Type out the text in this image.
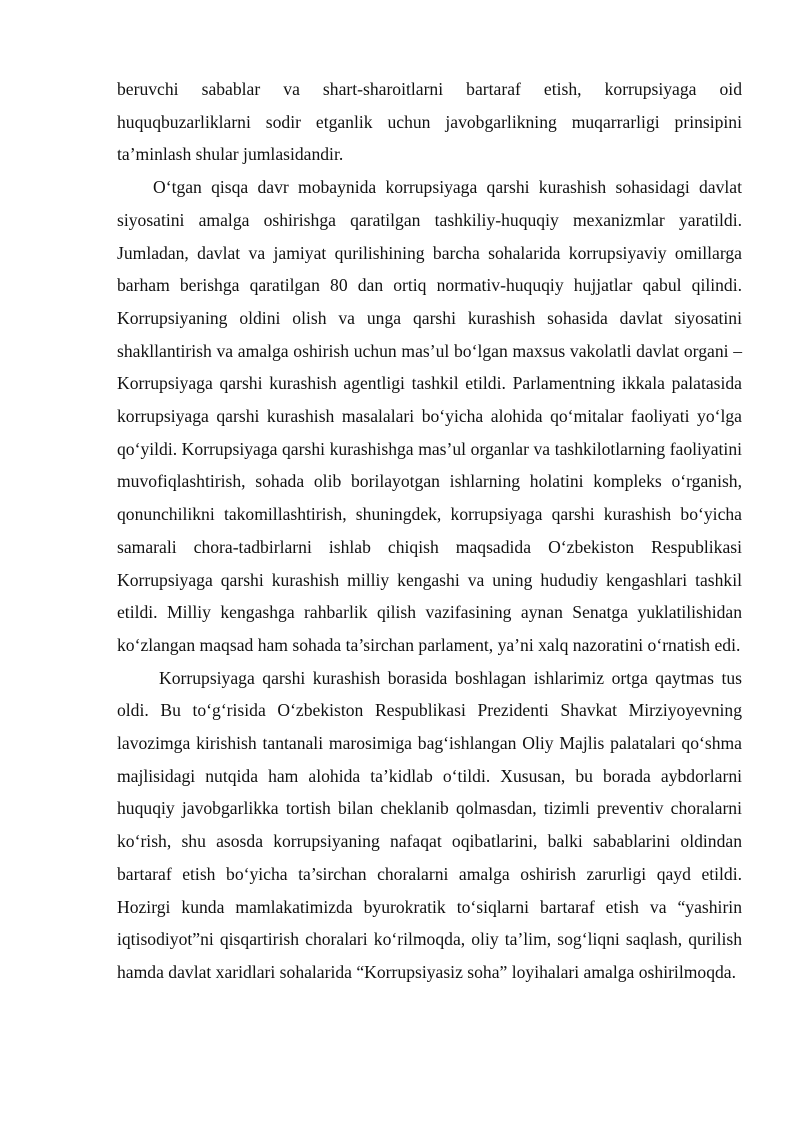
beruvchi sabablar va shart-sharoitlarni bartaraf etish, korrupsiyaga oid huquqbuzarliklarni sodir etganlik uchun javobgarlikning muqarrarligi prinsipini ta’minlash shular jumlasidandir.

O‘tgan qisqa davr mobaynida korrupsiyaga qarshi kurashish sohasidagi davlat siyosatini amalga oshirishga qaratilgan tashkiliy-huquqiy mexanizmlar yaratildi. Jumladan, davlat va jamiyat qurilishining barcha sohalarida korrupsiyaviy omillarga barham berishga qaratilgan 80 dan ortiq normativ-huquqiy hujjatlar qabul qilindi. Korrupsiyaning oldini olish va unga qarshi kurashish sohasida davlat siyosatini shakllantirish va amalga oshirish uchun mas’ul bo‘lgan maxsus vakolatli davlat organi – Korrupsiyaga qarshi kurashish agentligi tashkil etildi. Parlamentning ikkala palatasida korrupsiyaga qarshi kurashish masalalari bo‘yicha alohida qo‘mitalar faoliyati yo‘lga qo‘yildi. Korrupsiyaga qarshi kurashishga mas’ul organlar va tashkilotlarning faoliyatini muvofiqlashtirish, sohada olib borilayotgan ishlarning holatini kompleks o‘rganish, qonunchilikni takomillashtirish, shuningdek, korrupsiyaga qarshi kurashish bo‘yicha samarali chora-tadbirlarni ishlab chiqish maqsadida O‘zbekiston Respublikasi Korrupsiyaga qarshi kurashish milliy kengashi va uning hududiy kengashlari tashkil etildi. Milliy kengashga rahbarlik qilish vazifasining aynan Senatga yuklatilishidan ko‘zlangan maqsad ham sohada ta’sirchan parlament, ya’ni xalq nazoratini o‘rnatish edi.

Korrupsiyaga qarshi kurashish borasida boshlagan ishlarimiz ortga qaytmas tus oldi. Bu to‘g‘risida O‘zbekiston Respublikasi Prezidenti Shavkat Mirziyoyevning lavozimga kirishish tantanali marosimiga bag‘ishlangan Oliy Majlis palatalari qo‘shma majlisidagi nutqida ham alohida ta’kidlab o‘tildi. Xususan, bu borada aybdorlarni huquqiy javobgarlikka tortish bilan cheklanib qolmasdan, tizimli preventiv choralarni ko‘rish, shu asosda korrupsiyaning nafaqat oqibatlarini, balki sabablarini oldindan bartaraf etish bo‘yicha ta’sirchan choralarni amalga oshirish zarurligi qayd etildi. Hozirgi kunda mamlakatimizda byurokratik to‘siqlarni bartaraf etish va “yashirin iqtisodiyot”ni qisqartirish choralari ko‘rilmoqda, oliy ta’lim, sog‘liqni saqlash, qurilish hamda davlat xaridlari sohalarida “Korrupsiyasiz soha” loyihalari amalga oshirilmoqda.
